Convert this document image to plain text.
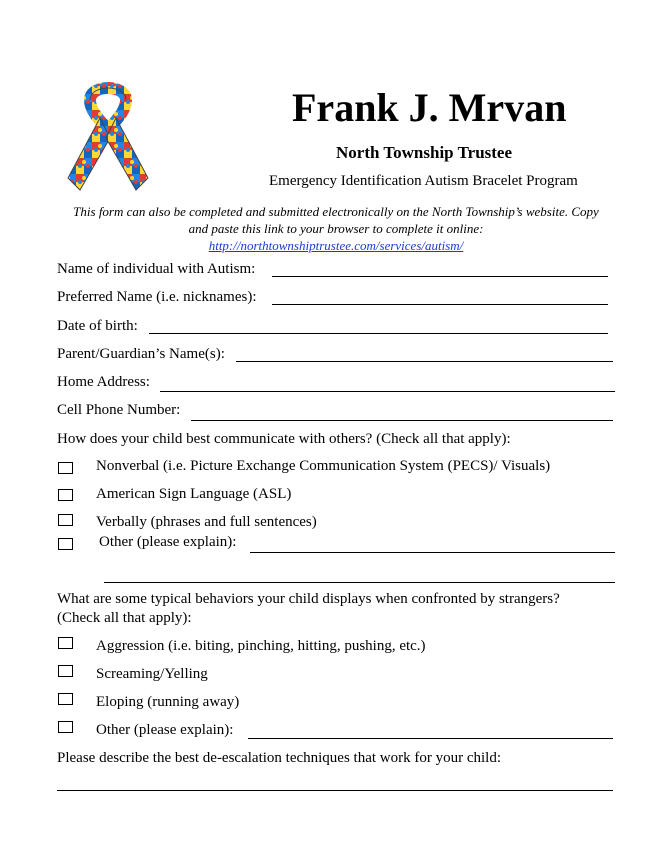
Frank J. Mrvan
North Township Trustee
Emergency Identification Autism Bracelet Program
This form can also be completed and submitted electronically on the North Township’s website. Copy
and paste this link to your browser to complete it online:
http://northtownshiptrustee.com/services/autism/
Name of individual with Autism:
Preferred Name (i.e. nicknames):
Date of birth:
Parent/Guardian’s Name(s):
Home Address:
Cell Phone Number:
How does your child best communicate with others? (Check all that apply):
Nonverbal (i.e. Picture Exchange Communication System (PECS)/ Visuals)
American Sign Language (ASL)
Verbally (phrases and full sentences)
Other (please explain):
What are some typical behaviors your child displays when confronted by strangers?
(Check all that apply):
Aggression (i.e. biting, pinching, hitting, pushing, etc.)
Screaming/Yelling
Eloping (running away)
Other (please explain):
Please describe the best de-escalation techniques that work for your child:
